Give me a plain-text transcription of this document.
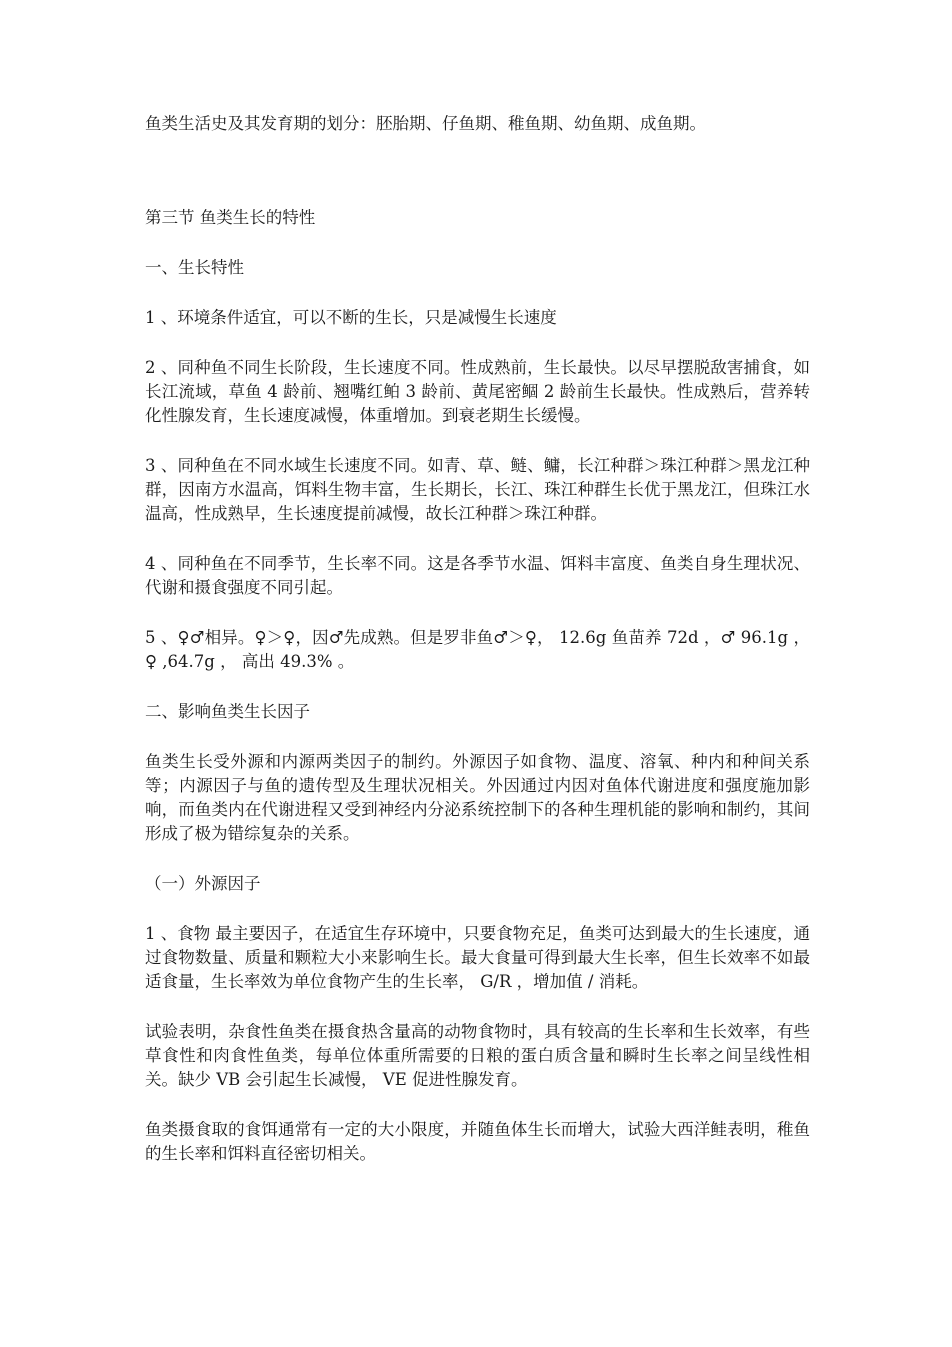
鱼类生活史及其发育期的划分：胚胎期、仔鱼期、稚鱼期、幼鱼期、成鱼期。

第三节 鱼类生长的特性

一、生长特性

1 、环境条件适宜，可以不断的生长，只是减慢生长速度

2 、同种鱼不同生长阶段，生长速度不同。性成熟前，生长最快。以尽早摆脱敌害捕食，如长江流域，草鱼 4 龄前、翘嘴红鲌 3 龄前、黄尾密鲴 2 龄前生长最快。性成熟后，营养转化性腺发育，生长速度减慢，体重增加。到衰老期生长缓慢。

3 、同种鱼在不同水域生长速度不同。如青、草、鲢、鳙，长江种群＞珠江种群＞黑龙江种群，因南方水温高，饵料生物丰富，生长期长，长江、珠江种群生长优于黑龙江，但珠江水温高，性成熟早，生长速度提前减慢，故长江种群＞珠江种群。

4 、同种鱼在不同季节，生长率不同。这是各季节水温、饵料丰富度、鱼类自身生理状况、代谢和摄食强度不同引起。

5 、♀♂相异。♀＞♀，因♂先成熟。但是罗非鱼♂＞♀， 12.6g 鱼苗养 72d ，♂ 96.1g ， ♀ ,64.7g ， 高出 49.3% 。

二、影响鱼类生长因子

鱼类生长受外源和内源两类因子的制约。外源因子如食物、温度、溶氧、种内和种间关系等；内源因子与鱼的遗传型及生理状况相关。外因通过内因对鱼体代谢进度和强度施加影响，而鱼类内在代谢进程又受到神经内分泌系统控制下的各种生理机能的影响和制约，其间形成了极为错综复杂的关系。

（一）外源因子

1 、食物 最主要因子，在适宜生存环境中，只要食物充足，鱼类可达到最大的生长速度，通过食物数量、质量和颗粒大小来影响生长。最大食量可得到最大生长率，但生长效率不如最适食量，生长率效为单位食物产生的生长率， G/R ，增加值 / 消耗。

试验表明，杂食性鱼类在摄食热含量高的动物食物时，具有较高的生长率和生长效率，有些草食性和肉食性鱼类，每单位体重所需要的日粮的蛋白质含量和瞬时生长率之间呈线性相关。缺少 VB 会引起生长减慢， VE 促进性腺发育。

鱼类摄食取的食饵通常有一定的大小限度，并随鱼体生长而增大，试验大西洋鲑表明，稚鱼的生长率和饵料直径密切相关。
